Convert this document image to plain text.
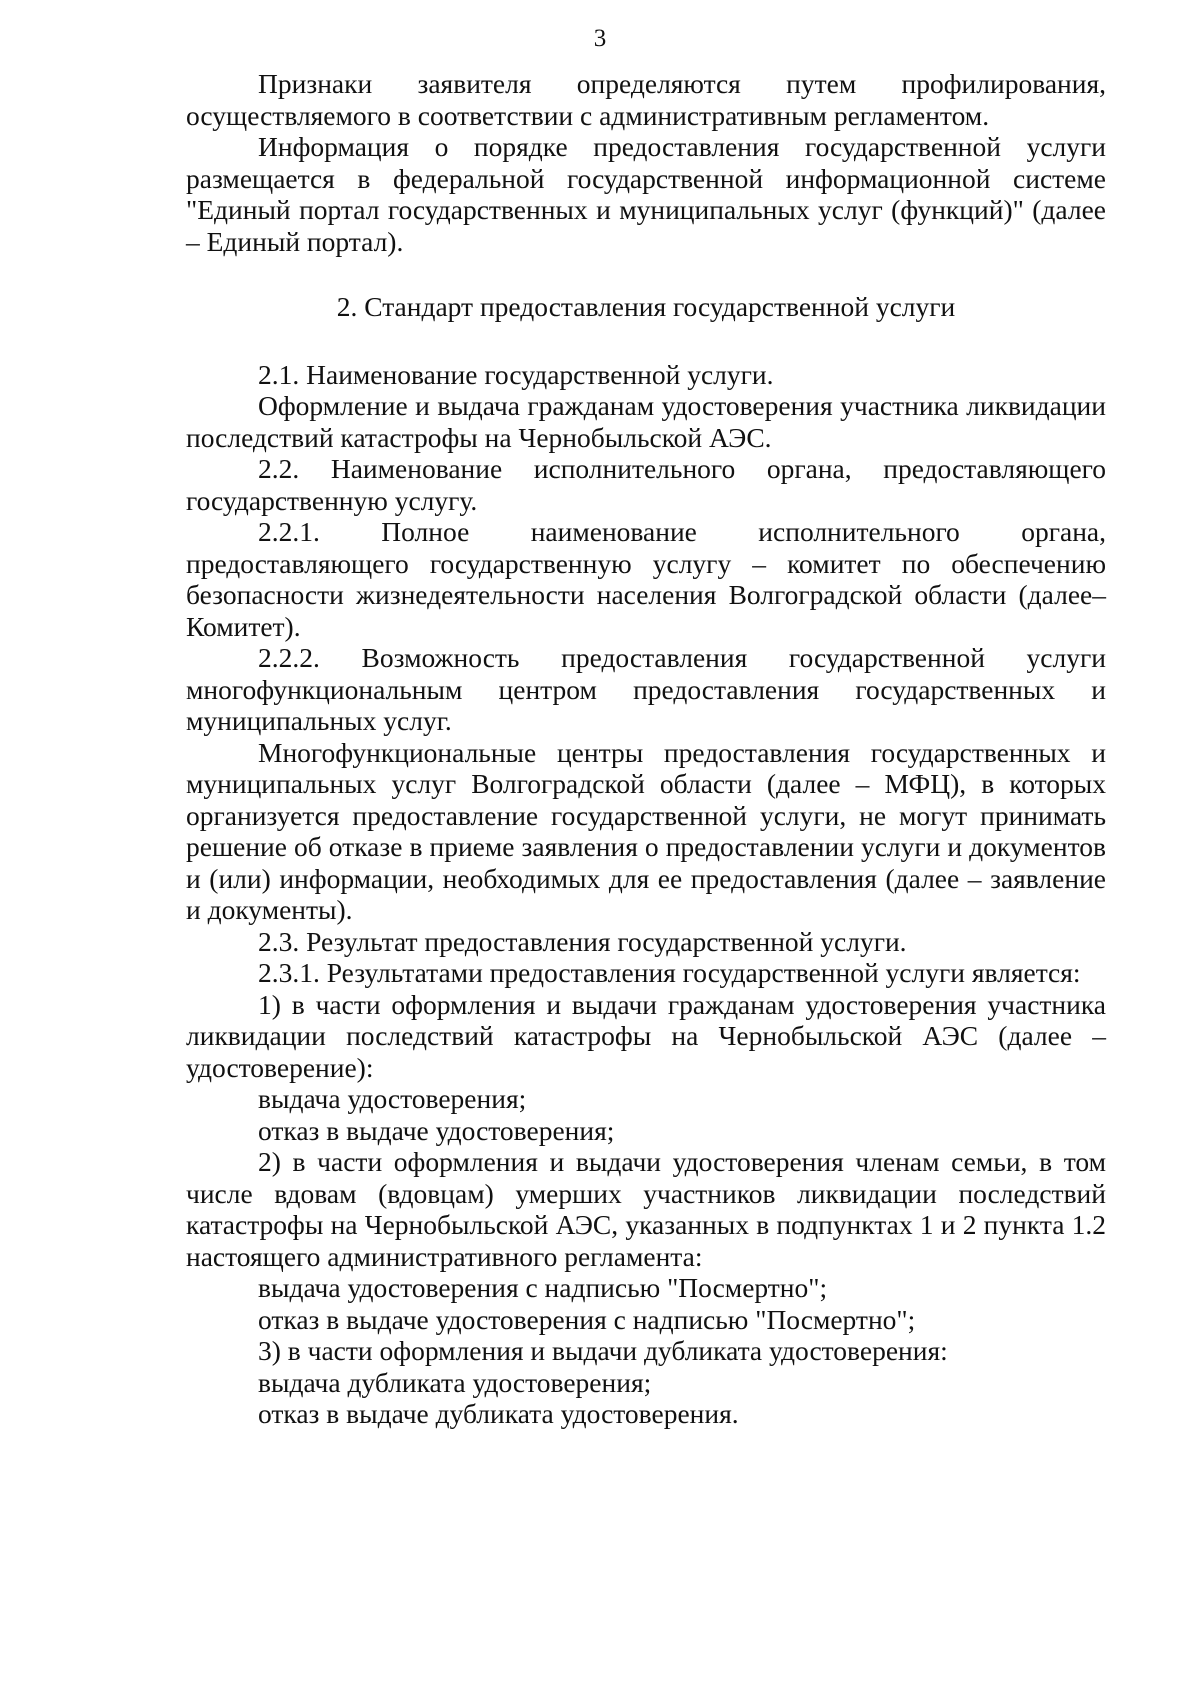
3

Признаки заявителя определяются путем профилирования, осуществляемого в соответствии с административным регламентом.

Информация о порядке предоставления государственной услуги размещается в федеральной государственной информационной системе "Единый портал государственных и муниципальных услуг (функций)" (далее – Единый портал).

2. Стандарт предоставления государственной услуги

2.1. Наименование государственной услуги.

Оформление и выдача гражданам удостоверения участника ликвидации последствий катастрофы на Чернобыльской АЭС.

2.2. Наименование исполнительного органа, предоставляющего государственную услугу.

2.2.1. Полное наименование исполнительного органа, предоставляющего государственную услугу – комитет по обеспечению безопасности жизнедеятельности населения Волгоградской области (далее–Комитет).

2.2.2. Возможность предоставления государственной услуги многофункциональным центром предоставления государственных и муниципальных услуг.

Многофункциональные центры предоставления государственных и муниципальных услуг Волгоградской области (далее – МФЦ), в которых организуется предоставление государственной услуги, не могут принимать решение об отказе в приеме заявления о предоставлении услуги и документов и (или) информации, необходимых для ее предоставления (далее – заявление и документы).

2.3. Результат предоставления государственной услуги.

2.3.1. Результатами предоставления государственной услуги является:

1) в части оформления и выдачи гражданам удостоверения участника ликвидации последствий катастрофы на Чернобыльской АЭС (далее – удостоверение):

выдача удостоверения;

отказ в выдаче удостоверения;

2) в части оформления и выдачи удостоверения членам семьи, в том числе вдовам (вдовцам) умерших участников ликвидации последствий катастрофы на Чернобыльской АЭС, указанных в подпунктах 1 и 2 пункта 1.2 настоящего административного регламента:

выдача удостоверения с надписью "Посмертно";

отказ в выдаче удостоверения с надписью "Посмертно";

3) в части оформления и выдачи дубликата удостоверения:

выдача дубликата удостоверения;

отказ в выдаче дубликата удостоверения.
